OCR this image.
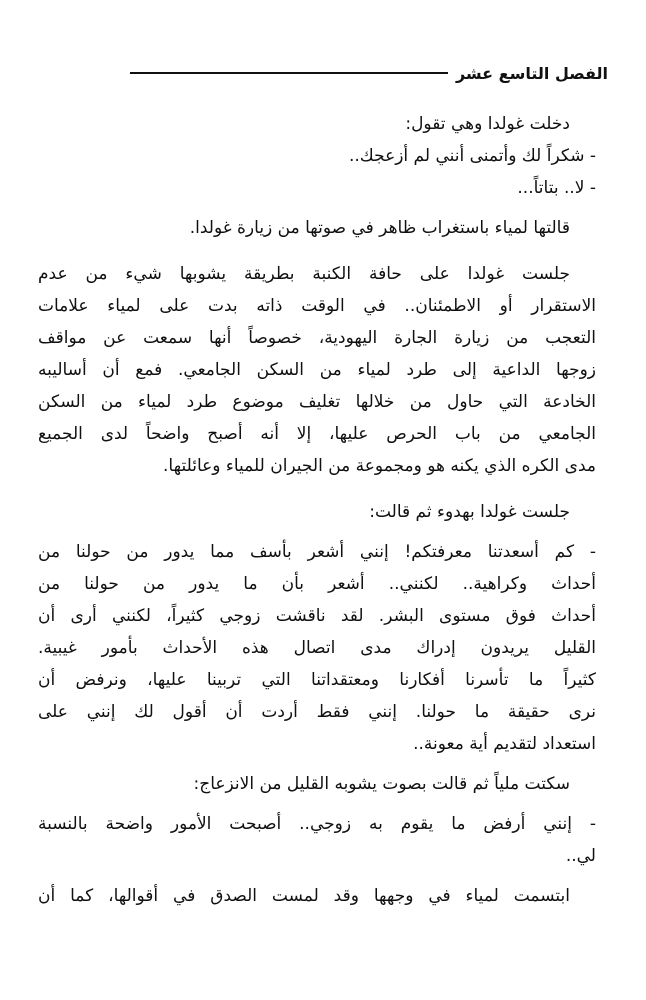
الفصل التاسع عشر
دخلت غولدا وهي تقول:
- شكراً لك وأتمنى أنني لم أزعجك..
- لا.. بتاتاً...
قالتها لمياء باستغراب ظاهر في صوتها من زيارة غولدا.
جلست غولدا على حافة الكنبة بطريقة يشوبها شيء من عدم
الاستقرار أو الاطمئنان.. في الوقت ذاته بدت على لمياء علامات
التعجب من زيارة الجارة اليهودية، خصوصاً أنها سمعت عن مواقف
زوجها الداعية إلى طرد لمياء من السكن الجامعي. فمع أن أساليبه
الخادعة التي حاول من خلالها تغليف موضوع طرد لمياء من السكن
الجامعي من باب الحرص عليها، إلا أنه أصبح واضحاً لدى الجميع
مدى الكره الذي يكنه هو ومجموعة من الجيران للمياء وعائلتها.
جلست غولدا بهدوء ثم قالت:
- كم أسعدتنا معرفتكم! إنني أشعر بأسف مما يدور من حولنا من
أحداث وكراهية.. لكنني.. أشعر بأن ما يدور من حولنا من
أحداث فوق مستوى البشر. لقد ناقشت زوجي كثيراً، لكنني أرى أن
القليل يريدون إدراك مدى اتصال هذه الأحداث بأمور غيبية.
كثيراً ما تأسرنا أفكارنا ومعتقداتنا التي تربينا عليها، ونرفض أن
نرى حقيقة ما حولنا. إنني فقط أردت أن أقول لك إنني على
استعداد لتقديم أية معونة..
سكتت ملياً ثم قالت بصوت يشوبه القليل من الانزعاج:
- إنني أرفض ما يقوم به زوجي.. أصبحت الأمور واضحة بالنسبة
لي..
ابتسمت لمياء في وجهها وقد لمست الصدق في أقوالها، كما أن
